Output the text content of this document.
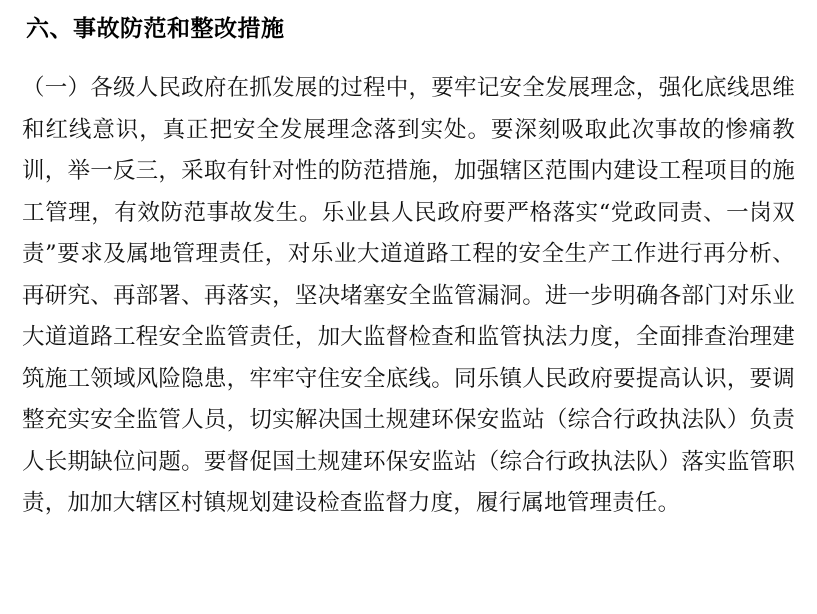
六、事故防范和整改措施

（一）各级人民政府在抓发展的过程中，要牢记安全发展理念，强化底线思维和红线意识，真正把安全发展理念落到实处。要深刻吸取此次事故的惨痛教训，举一反三，采取有针对性的防范措施，加强辖区范围内建设工程项目的施工管理，有效防范事故发生。乐业县人民政府要严格落实“党政同责、一岗双责”要求及属地管理责任，对乐业大道道路工程的安全生产工作进行再分析、再研究、再部署、再落实，坚决堵塞安全监管漏洞。进一步明确各部门对乐业大道道路工程安全监管责任，加大监督检查和监管执法力度，全面排查治理建筑施工领域风险隐患，牢牢守住安全底线。同乐镇人民政府要提高认识，要调整充实安全监管人员，切实解决国土规建环保安监站（综合行政执法队）负责人长期缺位问题。要督促国土规建环保安监站（综合行政执法队）落实监管职责，加加大辖区村镇规划建设检查监督力度，履行属地管理责任。
